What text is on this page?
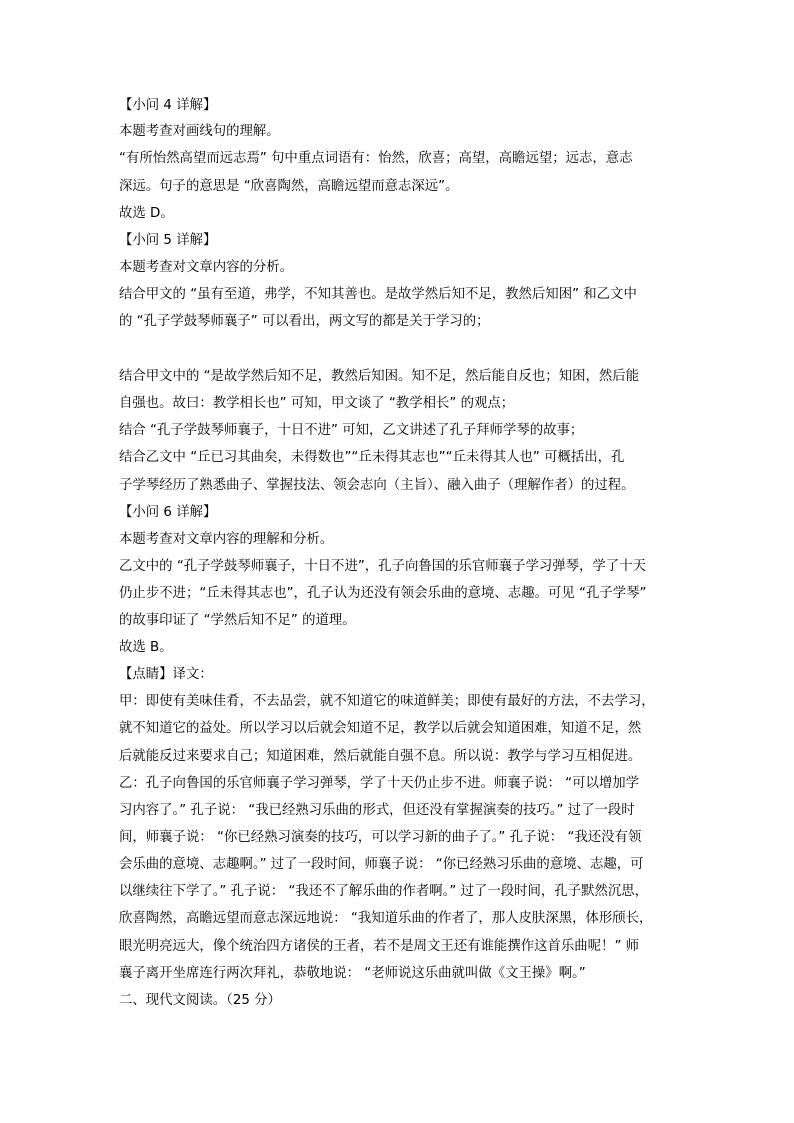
【小问 4 详解】
本题考查对画线句的理解。
“有所怡然高望而远志焉” 句中重点词语有：怡然，欣喜；高望，高瞻远望；远志，意志
深远。句子的意思是 “欣喜陶然，高瞻远望而意志深远”。
故选 D。
【小问 5 详解】
本题考查对文章内容的分析。
结合甲文的 “虽有至道，弗学，不知其善也。是故学然后知不足，教然后知困” 和乙文中
的 “孔子学鼓琴师襄子” 可以看出，两文写的都是关于学习的；
结合甲文中的 “是故学然后知不足，教然后知困。知不足，然后能自反也；知困，然后能
自强也。故曰：教学相长也” 可知，甲文谈了 “教学相长” 的观点；
结合 “孔子学鼓琴师襄子，十日不进” 可知，乙文讲述了孔子拜师学琴的故事；
结合乙文中 “丘已习其曲矣，未得数也”“丘未得其志也”“丘未得其人也” 可概括出，孔
子学琴经历了熟悉曲子、掌握技法、领会志向（主旨）、融入曲子（理解作者）的过程。
【小问 6 详解】
本题考查对文章内容的理解和分析。
乙文中的 “孔子学鼓琴师襄子，十日不进”，孔子向鲁国的乐官师襄子学习弹琴，学了十天
仍止步不进；“丘未得其志也”，孔子认为还没有领会乐曲的意境、志趣。可见 “孔子学琴”
的故事印证了 “学然后知不足” 的道理。
故选 B。
【点睛】译文：
甲：即使有美味佳肴，不去品尝，就不知道它的味道鲜美；即使有最好的方法，不去学习，
就不知道它的益处。所以学习以后就会知道不足，教学以后就会知道困难，知道不足，然
后就能反过来要求自己；知道困难，然后就能自强不息。所以说：教学与学习互相促进。
乙：孔子向鲁国的乐官师襄子学习弹琴，学了十天仍止步不进。师襄子说： “可以增加学
习内容了。” 孔子说： “我已经熟习乐曲的形式，但还没有掌握演奏的技巧。” 过了一段时
间，师襄子说： “你已经熟习演奏的技巧，可以学习新的曲子了。” 孔子说： “我还没有领
会乐曲的意境、志趣啊。” 过了一段时间，师襄子说： “你已经熟习乐曲的意境、志趣，可
以继续往下学了。” 孔子说： “我还不了解乐曲的作者啊。” 过了一段时间，孔子默然沉思，
欣喜陶然，高瞻远望而意志深远地说： “我知道乐曲的作者了，那人皮肤深黑，体形颀长，
眼光明亮远大，像个统治四方诸侯的王者，若不是周文王还有谁能撰作这首乐曲呢！” 师
襄子离开坐席连行两次拜礼，恭敬地说： “老师说这乐曲就叫做《文王操》啊。”
二、现代文阅读。（25 分）
